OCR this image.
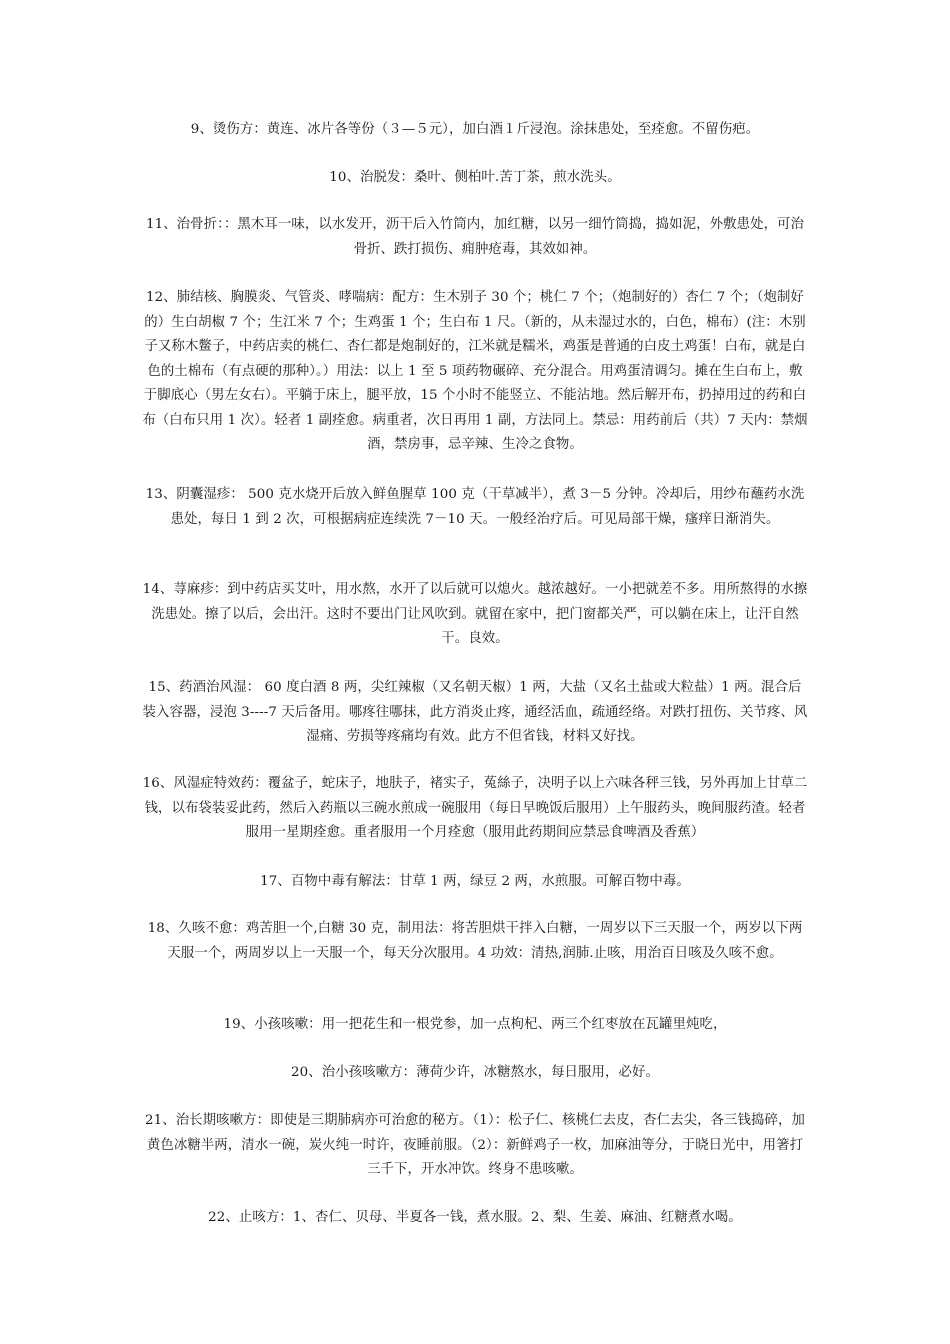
9、烫伤方：黄连、冰片各等份（３—５元），加白酒１斤浸泡。涂抹患处，至痊愈。不留伤疤。

10、治脱发：桑叶、侧柏叶.苦丁茶，煎水洗头。

11、治骨折：：黑木耳一味，以水发开，沥干后入竹筒内，加红糖，以另一细竹筒捣，捣如泥，外敷患处，可治骨折、跌打损伤、痈肿疮毒，其效如神。

12、肺结核、胸膜炎、气管炎、哮喘病：配方：生木别子 30 个；桃仁 7 个；（炮制好的）杏仁 7 个；（炮制好的）生白胡椒 7 个；生江米 7 个；生鸡蛋 1 个；生白布 1 尺。（新的，从未湿过水的，白色，棉布）(注：木别子又称木鳖子，中药店卖的桃仁、杏仁都是炮制好的，江米就是糯米，鸡蛋是普通的白皮土鸡蛋！白布，就是白色的土棉布（有点硬的那种）。）用法：以上 1 至 5 项药物碾碎、充分混合。用鸡蛋清调匀。摊在生白布上，敷于脚底心（男左女右）。平躺于床上，腿平放，15 个小时不能竖立、不能沾地。然后解开布，扔掉用过的药和白布（白布只用 1 次）。轻者 1 副痊愈。病重者，次日再用 1 副，方法同上。禁忌：用药前后（共）7 天内：禁烟酒，禁房事，忌辛辣、生冷之食物。

13、阴囊湿疹： 500 克水烧开后放入鲜鱼腥草 100 克（干草减半），煮 3－5 分钟。冷却后，用纱布蘸药水洗患处，每日 1 到 2 次，可根据病症连续洗 7－10 天。一般经治疗后。可见局部干燥，瘙痒日渐消失。

14、荨麻疹：到中药店买艾叶，用水熬，水开了以后就可以熄火。越浓越好。一小把就差不多。用所熬得的水擦洗患处。擦了以后，会出汗。这时不要出门让风吹到。就留在家中，把门窗都关严，可以躺在床上，让汗自然干。良效。

15、药酒治风湿： 60 度白酒 8 两，尖红辣椒（又名朝天椒）1 两，大盐（又名土盐或大粒盐）1 两。混合后装入容器，浸泡 3----7 天后备用。哪疼往哪抹，此方消炎止疼，通经活血，疏通经络。对跌打扭伤、关节疼、风湿痛、劳损等疼痛均有效。此方不但省钱，材料又好找。

16、风湿症特效药：覆盆子，蛇床子，地肤子，褚实子，菟絲子，决明子以上六味各秤三钱，另外再加上甘草二钱，以布袋装妥此药，然后入药瓶以三碗水煎成一碗服用（每日早晚饭后服用）上午服药头，晚间服药渣。轻者服用一星期痊愈。重者服用一个月痊愈（服用此药期间应禁忌食啤酒及香蕉）

17、百物中毒有解法：甘草 1 两，绿豆 2 两，水煎服。可解百物中毒。

18、久咳不愈：鸡苦胆一个,白糖 30 克，制用法：将苦胆烘干拌入白糖，一周岁以下三天服一个，两岁以下两天服一个，两周岁以上一天服一个，每天分次服用。4 功效：清热,润肺.止咳，用治百日咳及久咳不愈。

19、小孩咳嗽：用一把花生和一根党参，加一点枸杞、两三个红枣放在瓦罐里炖吃，

20、治小孩咳嗽方：薄荷少许，冰糖熬水，每日服用，必好。

21、治长期咳嗽方：即使是三期肺病亦可治愈的秘方。（1）：松子仁、核桃仁去皮，杏仁去尖，各三钱捣碎，加黄色冰糖半两，清水一碗，炭火纯一时许，夜睡前服。（2）：新鲜鸡子一枚，加麻油等分，于晓日光中，用箸打三千下，开水冲饮。终身不患咳嗽。

22、止咳方：1、杏仁、贝母、半夏各一钱，煮水服。2、梨、生姜、麻油、红糖煮水喝。
